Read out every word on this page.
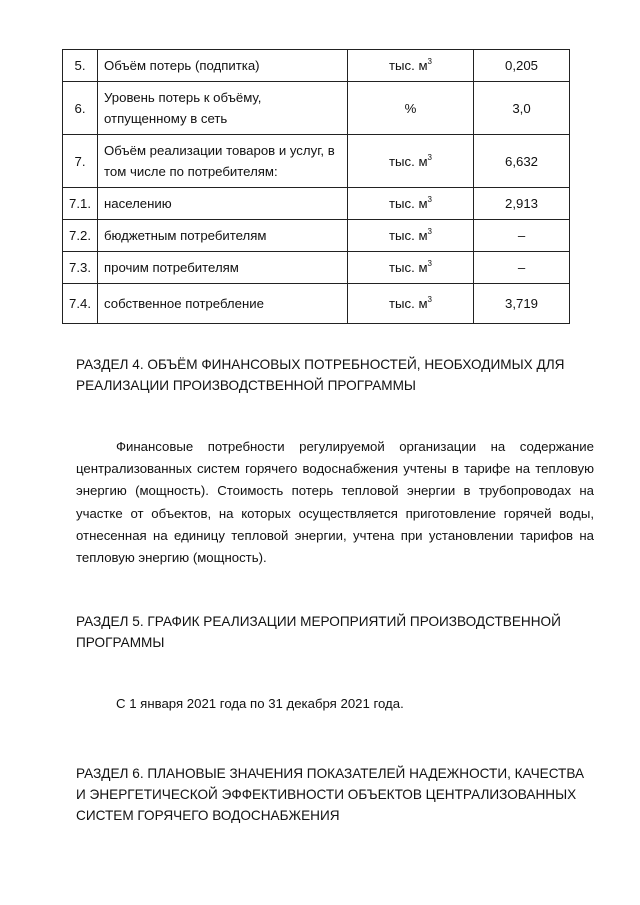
5.	Объём потерь (подпитка)	тыс. $м^3$	0,205
6.	Уровень потерь к объёму, отпущенному в сеть	%	3,0
7.	Объём реализации товаров и услуг, в том числе по потребителям:	тыс. $м^3$	6,632
7.1.	населению	тыс. $м^3$	2,913
7.2.	бюджетным потребителям	тыс. $м^3$	–
7.3.	прочим потребителям	тыс. $м^3$	–
7.4.	собственное потребление	тыс. $м^3$	3,719
РАЗДЕЛ 4. ОБЪЁМ ФИНАНСОВЫХ ПОТРЕБНОСТЕЙ, НЕОБХОДИМЫХ ДЛЯ РЕАЛИЗАЦИИ ПРОИЗВОДСТВЕННОЙ ПРОГРАММЫ

Финансовые потребности регулируемой организации на содержание централизованных систем горячего водоснабжения учтены в тарифе на тепловую энергию (мощность). Стоимость потерь тепловой энергии в трубопроводах на участке от объектов, на которых осуществляется приготовление горячей воды, отнесенная на единицу тепловой энергии, учтена при установлении тарифов на тепловую энергию (мощность).

РАЗДЕЛ 5. ГРАФИК РЕАЛИЗАЦИИ МЕРОПРИЯТИЙ ПРОИЗВОДСТВЕННОЙ ПРОГРАММЫ

С 1 января 2021 года по 31 декабря 2021 года.

РАЗДЕЛ 6. ПЛАНОВЫЕ ЗНАЧЕНИЯ ПОКАЗАТЕЛЕЙ НАДЕЖНОСТИ, КАЧЕСТВА И ЭНЕРГЕТИЧЕСКОЙ ЭФФЕКТИВНОСТИ ОБЪЕКТОВ ЦЕНТРАЛИЗОВАННЫХ СИСТЕМ ГОРЯЧЕГО ВОДОСНАБЖЕНИЯ
